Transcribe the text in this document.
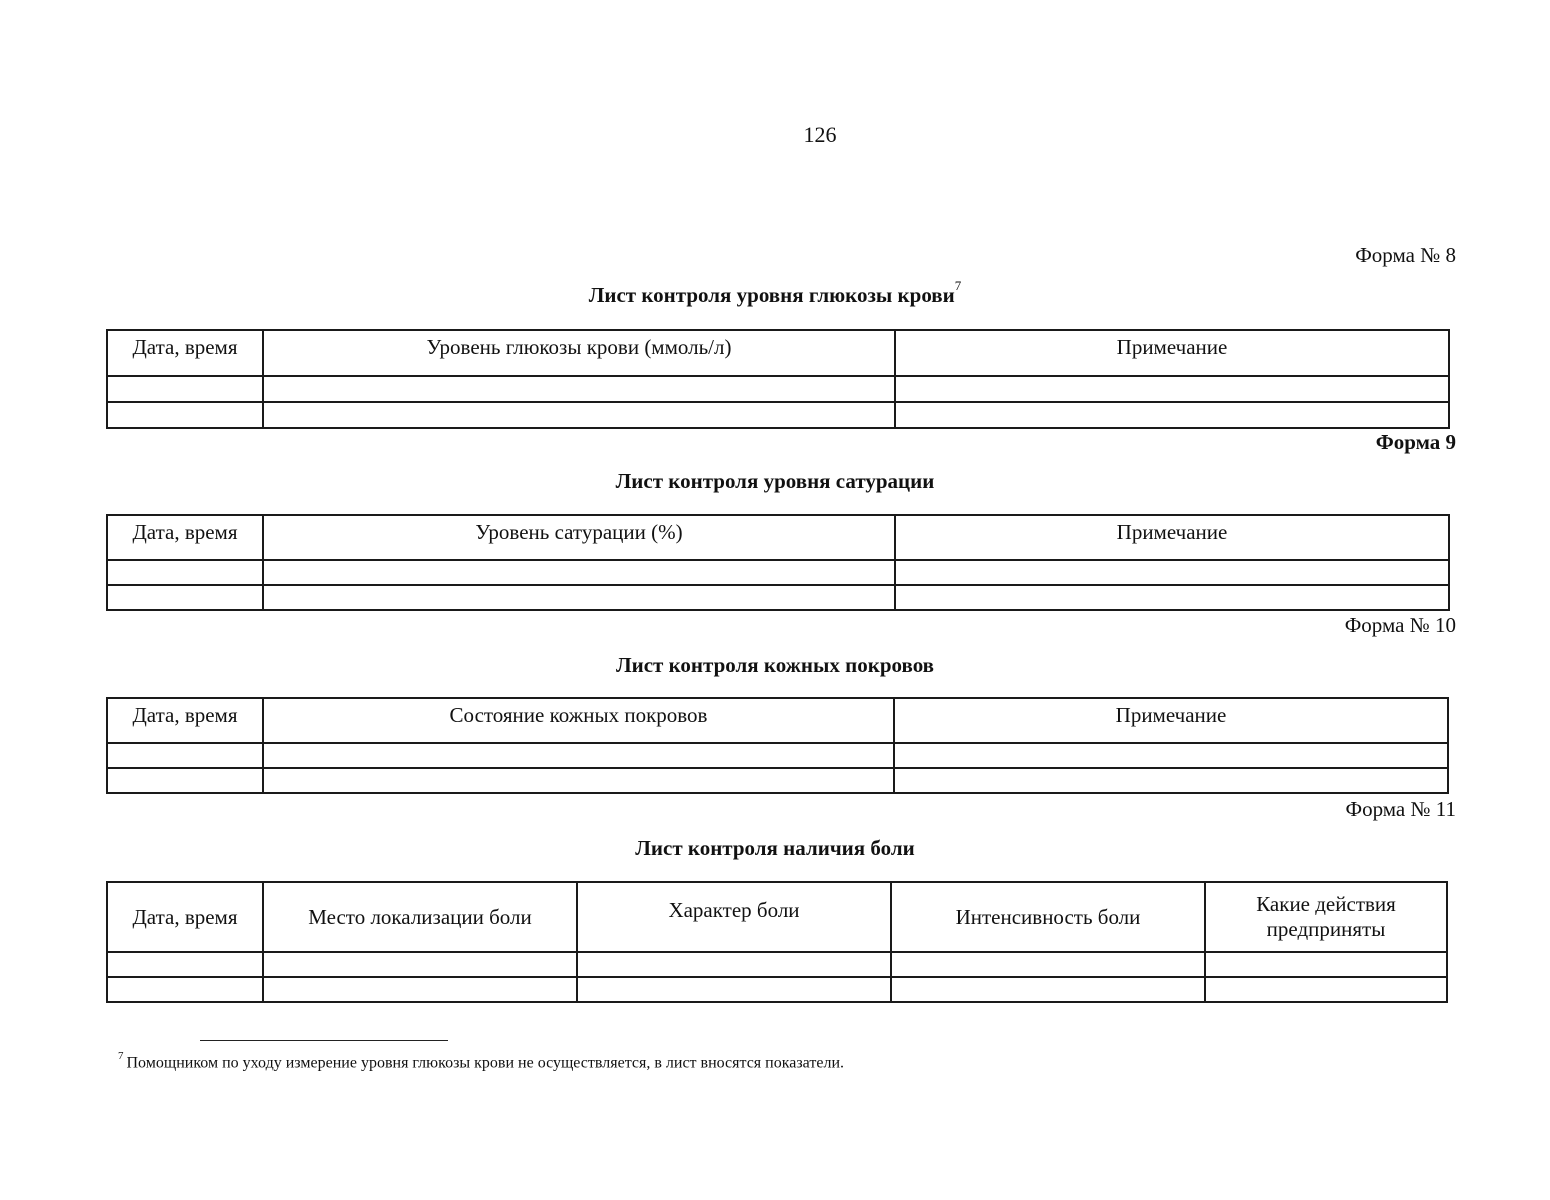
126
Форма № 8
Лист контроля уровня глюкозы крови$^7$
Дата, время	Уровень глюкозы крови (ммоль/л)	Примечание

Форма 9
Лист контроля уровня сатурации
Дата, время	Уровень сатурации (%)	Примечание

Форма № 10
Лист контроля кожных покровов
Дата, время	Состояние кожных покровов	Примечание

Форма № 11
Лист контроля наличия боли
Дата, время	Место локализации боли	Характер боли	Интенсивность боли	Какие действия предприняты

$^7$ Помощником по уходу измерение уровня глюкозы крови не осуществляется, в лист вносятся показатели.
